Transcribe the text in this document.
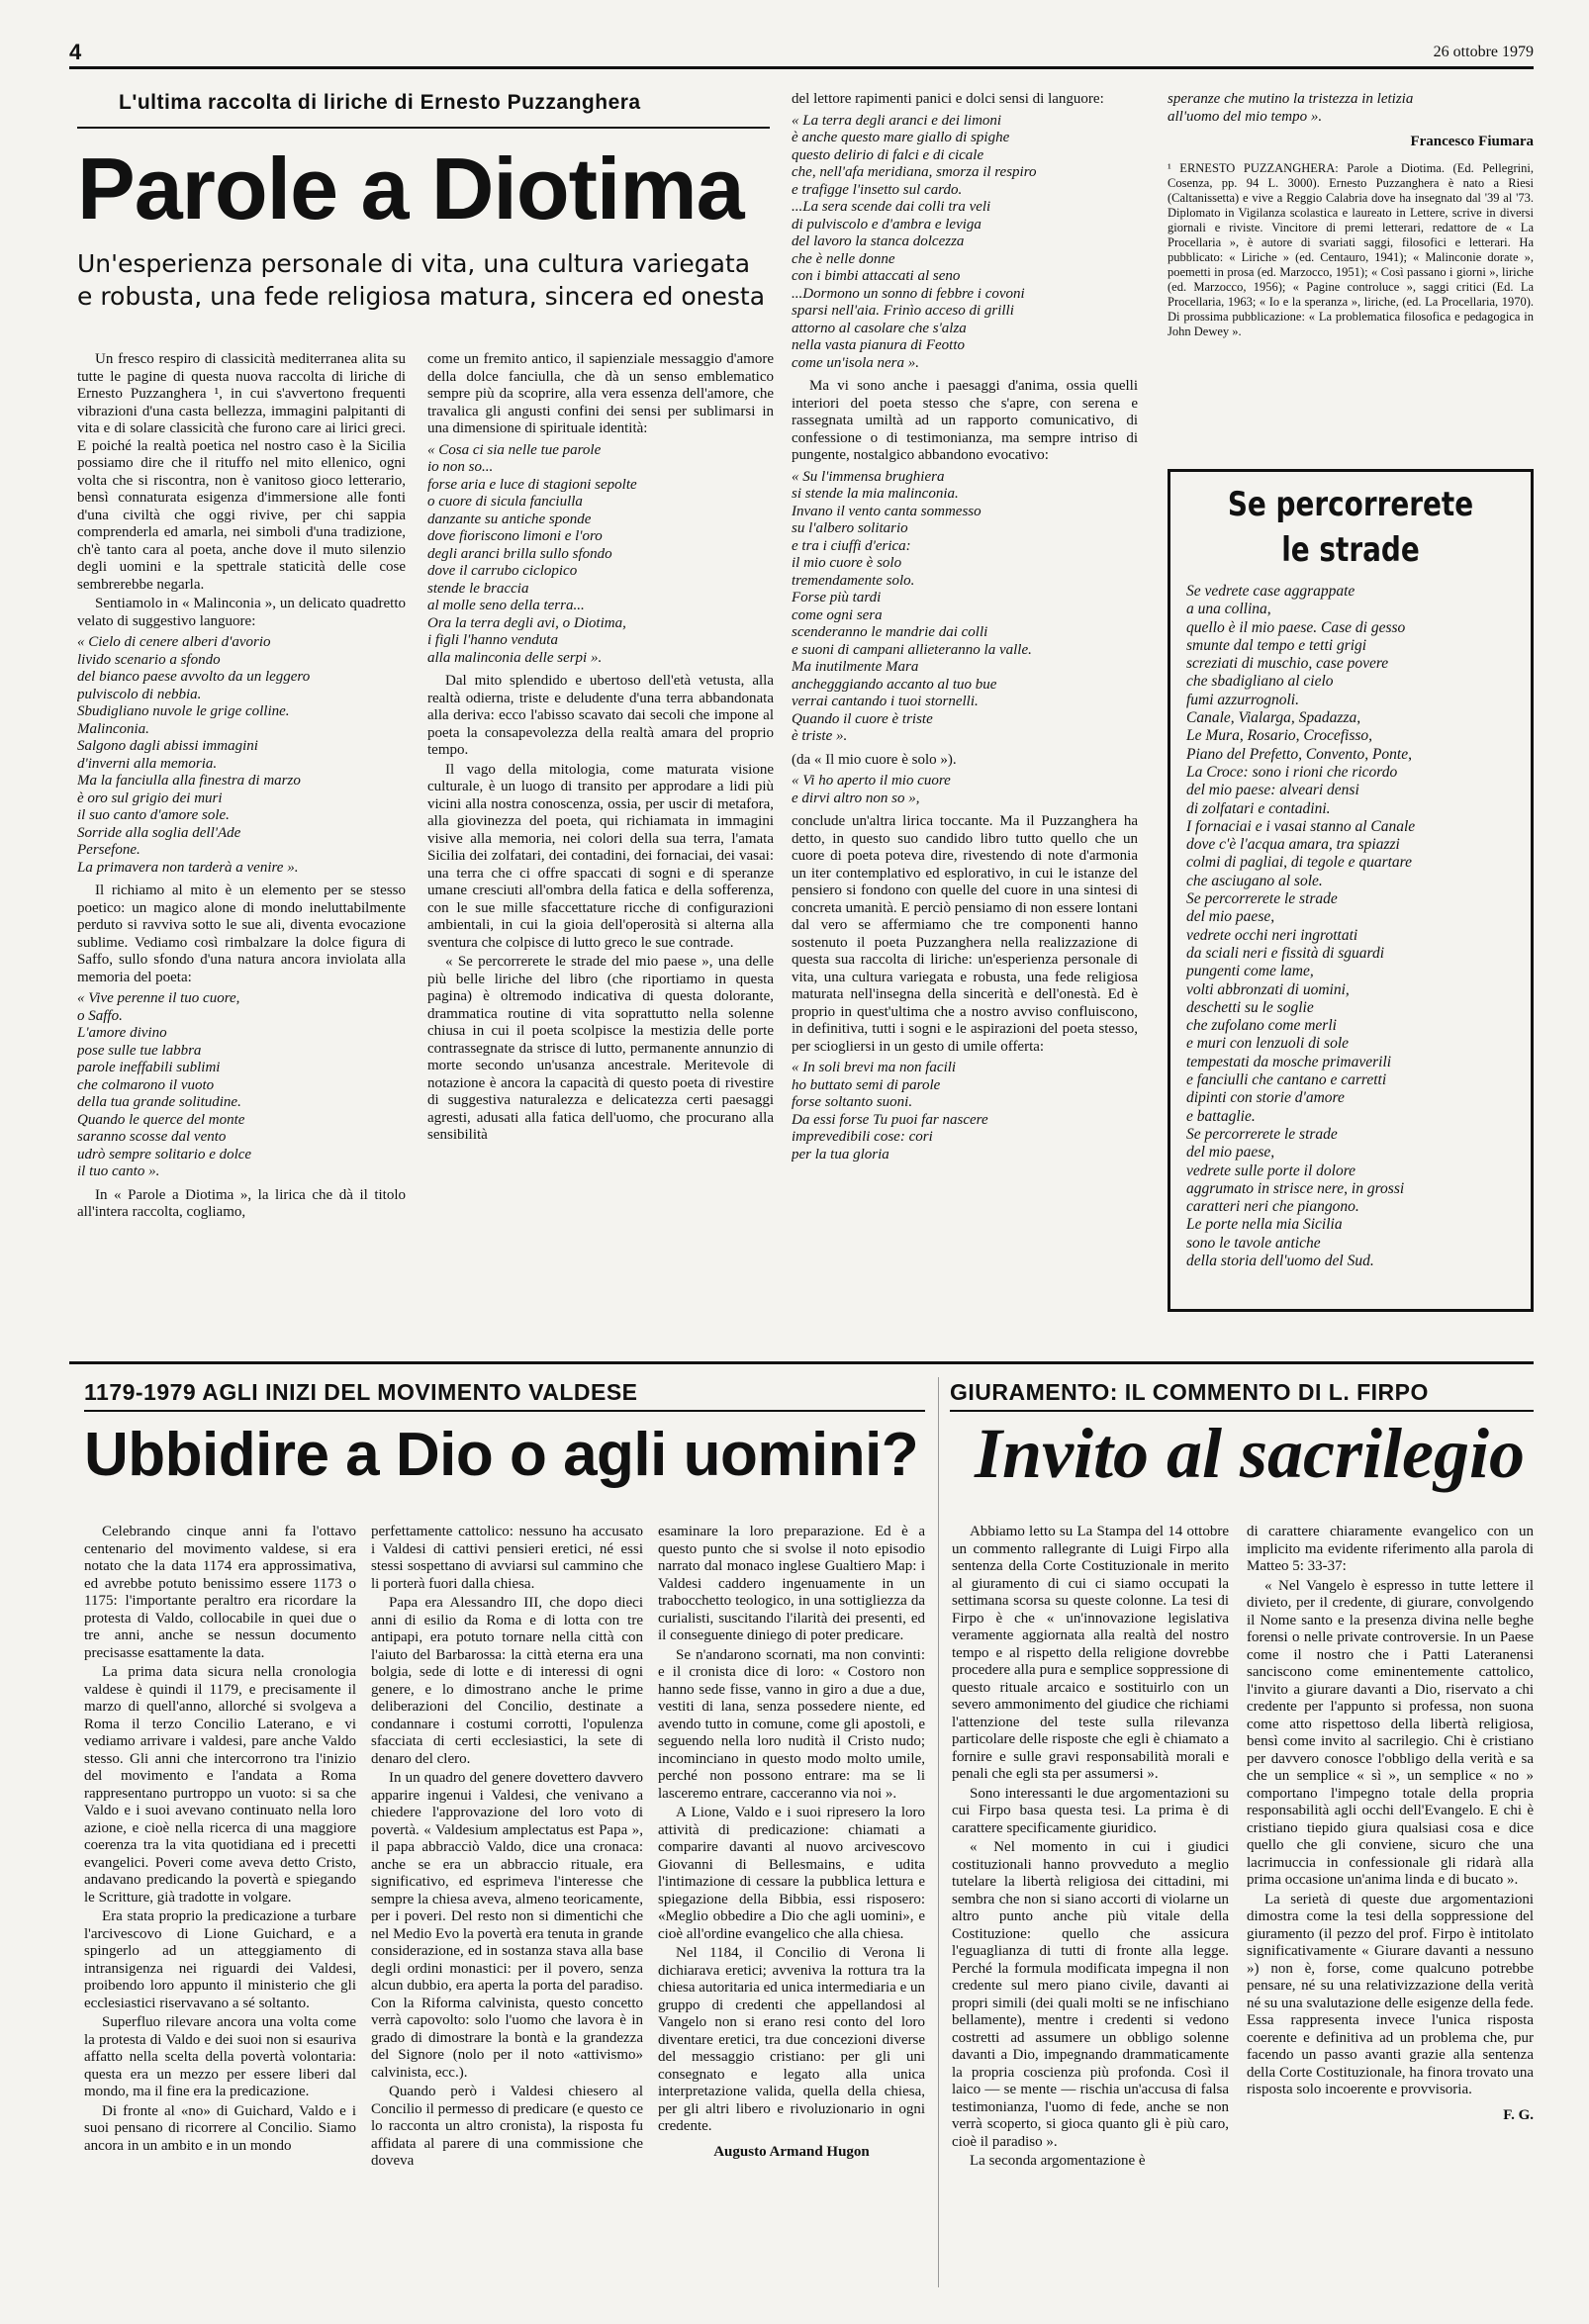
4	26 ottobre 1979
L'ultima raccolta di liriche di Ernesto Puzzanghera
Parole a Diotima
Un'esperienza personale di vita, una cultura variegata e robusta, una fede religiosa matura, sincera ed onesta

Un fresco respiro di classicità mediterranea alita su tutte le pagine di questa nuova raccolta di liriche di Ernesto Puzzanghera ¹, in cui s'avvertono frequenti vibrazioni d'una casta bellezza, immagini palpitanti di vita e di solare classicità che furono care ai lirici greci. E poiché la realtà poetica nel nostro caso è la Sicilia possiamo dire che il rituffo nel mito ellenico, ogni volta che si riscontra, non è vanitoso gioco letterario, bensì connaturata esigenza d'immersione alle fonti d'una civiltà che oggi rivive, per chi sappia comprenderla ed amarla, nei simboli d'una tradizione, ch'è tanto cara al poeta, anche dove il muto silenzio degli uomini e la spettrale staticità delle cose sembrerebbe negarla.

Sentiamolo in « Malinconia », un delicato quadretto velato di suggestivo languore:

« Cielo di cenere alberi d'avorio
livido scenario a sfondo
del bianco paese avvolto da un leggero
pulviscolo di nebbia.
Sbudigliano nuvole le grige colline.
Malinconia.
Salgono dagli abissi immagini
d'inverni alla memoria.
Ma la fanciulla alla finestra di marzo
è oro sul grigio dei muri
il suo canto d'amore sole.
Sorride alla soglia dell'Ade
Persefone.
La primavera non tarderà a venire ».

Il richiamo al mito è un elemento per se stesso poetico: un magico alone di mondo ineluttabilmente perduto si ravviva sotto le sue ali, diventa evocazione sublime. Vediamo così rimbalzare la dolce figura di Saffo, sullo sfondo d'una natura ancora inviolata alla memoria del poeta:

« Vive perenne il tuo cuore,
o Saffo.
L'amore divino
pose sulle tue labbra
parole ineffabili sublimi
che colmarono il vuoto
della tua grande solitudine.
Quando le querce del monte
saranno scosse dal vento
udrò sempre solitario e dolce
il tuo canto ».

In « Parole a Diotima », la lirica che dà il titolo all'intera raccolta, cogliamo,

come un fremito antico, il sapienziale messaggio d'amore della dolce fanciulla, che dà un senso emblematico sempre più da scoprire, alla vera essenza dell'amore, che travalica gli angusti confini dei sensi per sublimarsi in una dimensione di spirituale identità:

« Cosa ci sia nelle tue parole
io non so...
forse aria e luce di stagioni sepolte
o cuore di sicula fanciulla
danzante su antiche sponde
dove fioriscono limoni e l'oro
degli aranci brilla sullo sfondo
dove il carrubo ciclopico
stende le braccia
al molle seno della terra...
Ora la terra degli avi, o Diotima,
i figli l'hanno venduta
alla malinconia delle serpi ».

Dal mito splendido e ubertoso dell'età vetusta, alla realtà odierna, triste e deludente d'una terra abbandonata alla deriva: ecco l'abisso scavato dai secoli che impone al poeta la consapevolezza della realtà amara del proprio tempo.

Il vago della mitologia, come maturata visione culturale, è un luogo di transito per approdare a lidi più vicini alla nostra conoscenza, ossia, per uscir di metafora, alla giovinezza del poeta, qui richiamata in immagini visive alla memoria, nei colori della sua terra, l'amata Sicilia dei zolfatari, dei contadini, dei fornaciai, dei vasai: una terra che ci offre spaccati di sogni e di speranze umane cresciuti all'ombra della fatica e della sofferenza, con le sue mille sfaccettature ricche di configurazioni ambientali, in cui la gioia dell'operosità si alterna alla sventura che colpisce di lutto greco le sue contrade.

« Se percorrerete le strade del mio paese », una delle più belle liriche del libro (che riportiamo in questa pagina) è oltremodo indicativa di questa dolorante, drammatica routine di vita soprattutto nella solenne chiusa in cui il poeta scolpisce la mestizia delle porte contrassegnate da strisce di lutto, permanente annunzio di morte secondo un'usanza ancestrale. Meritevole di notazione è ancora la capacità di questo poeta di rivestire di suggestiva naturalezza e delicatezza certi paesaggi agresti, adusati alla fatica dell'uomo, che procurano alla sensibilità

del lettore rapimenti panici e dolci sensi di languore:

« La terra degli aranci e dei limoni
è anche questo mare giallo di spighe
questo delirio di falci e di cicale
che, nell'afa meridiana, smorza il respiro
e trafigge l'insetto sul cardo.
...La sera scende dai colli tra veli
di pulviscolo e d'ambra e leviga
del lavoro la stanca dolcezza
che è nelle donne
con i bimbi attaccati al seno
...Dormono un sonno di febbre i covoni
sparsi nell'aia. Frinìo acceso di grilli
attorno al casolare che s'alza
nella vasta pianura di Feotto
come un'isola nera ».

Ma vi sono anche i paesaggi d'anima, ossia quelli interiori del poeta stesso che s'apre, con serena e rassegnata umiltà ad un rapporto comunicativo, di confessione o di testimonianza, ma sempre intriso di pungente, nostalgico abbandono evocativo:

« Su l'immensa brughiera
si stende la mia malinconia.
Invano il vento canta sommesso
su l'albero solitario
e tra i ciuffi d'erica:
il mio cuore è solo
tremendamente solo.
Forse più tardi
come ogni sera
scenderanno le mandrie dai colli
e suoni di campani allieteranno la valle.
Ma inutilmente Mara
anchegggiando accanto al tuo bue
verrai cantando i tuoi stornelli.
Quando il cuore è triste
è triste ».

(da « Il mio cuore è solo »).

« Vi ho aperto il mio cuore
e dirvi altro non so »,

conclude un'altra lirica toccante. Ma il Puzzanghera ha detto, in questo suo candido libro tutto quello che un cuore di poeta poteva dire, rivestendo di note d'armonia un iter contemplativo ed esplorativo, in cui le istanze del pensiero si fondono con quelle del cuore in una sintesi di concreta umanità. E perciò pensiamo di non essere lontani dal vero se affermiamo che tre componenti hanno sostenuto il poeta Puzzanghera nella realizzazione di questa sua raccolta di liriche: un'esperienza personale di vita, una cultura variegata e robusta, una fede religiosa maturata nell'insegna della sincerità e dell'onestà. Ed è proprio in quest'ultima che a nostro avviso confluiscono, in definitiva, tutti i sogni e le aspirazioni del poeta stesso, per sciogliersi in un gesto di umile offerta:

« In soli brevi ma non facili
ho buttato semi di parole
forse soltanto suoni.
Da essi forse Tu puoi far nascere
imprevedibili cose: cori
per la tua gloria

speranze che mutino la tristezza in letizia
all'uomo del mio tempo ».

Francesco Fiumara
¹ ERNESTO PUZZANGHERA: Parole a Diotima. (Ed. Pellegrini, Cosenza, pp. 94 L. 3000). Ernesto Puzzanghera è nato a Riesi (Caltanissetta) e vive a Reggio Calabria dove ha insegnato dal '39 al '73. Diplomato in Vigilanza scolastica e laureato in Lettere, scrive in diversi giornali e riviste. Vincitore di premi letterari, redattore de « La Procellaria », è autore di svariati saggi, filosofici e letterari. Ha pubblicato: « Liriche » (ed. Centauro, 1941); « Malinconie dorate », poemetti in prosa (ed. Marzocco, 1951); « Così passano i giorni », liriche (ed. Marzocco, 1956); « Pagine controluce », saggi critici (Ed. La Procellaria, 1963; « Io e la speranza », liriche, (ed. La Procellaria, 1970). Di prossima pubblicazione: « La problematica filosofica e pedagogica in John Dewey ».
Se percorrerete le strade
Se vedrete case aggrappate
a una collina,
quello è il mio paese. Case di gesso
smunte dal tempo e tetti grigi
screziati di muschio, case povere
che sbadigliano al cielo
fumi azzurrognoli.
Canale, Vialarga, Spadazza,
Le Mura, Rosario, Crocefisso,
Piano del Prefetto, Convento, Ponte,
La Croce: sono i rioni che ricordo
del mio paese: alveari densi
di zolfatari e contadini.
I fornaciai e i vasai stanno al Canale
dove c'è l'acqua amara, tra spiazzi
colmi di pagliai, di tegole e quartare
che asciugano al sole.
Se percorrerete le strade
del mio paese,
vedrete occhi neri ingrottati
da sciali neri e fissità di sguardi
pungenti come lame,
volti abbronzati di uomini,
deschetti su le soglie
che zufolano come merli
e muri con lenzuoli di sole
tempestati da mosche primaverili
e fanciulli che cantano e carretti
dipinti con storie d'amore
e battaglie.
Se percorrerete le strade
del mio paese,
vedrete sulle porte il dolore
aggrumato in strisce nere, in grossi
caratteri neri che piangono.
Le porte nella mia Sicilia
sono le tavole antiche
della storia dell'uomo del Sud.
1179-1979 AGLI INIZI DEL MOVIMENTO VALDESE
Ubbidire a Dio o agli uomini?

Celebrando cinque anni fa l'ottavo centenario del movimento valdese, si era notato che la data 1174 era approssimativa, ed avrebbe potuto benissimo essere 1173 o 1175: l'importante peraltro era ricordare la protesta di Valdo, collocabile in quei due o tre anni, anche se nessun documento precisasse esattamente la data.

La prima data sicura nella cronologia valdese è quindi il 1179, e precisamente il marzo di quell'anno, allorché si svolgeva a Roma il terzo Concilio Laterano, e vi vediamo arrivare i valdesi, pare anche Valdo stesso. Gli anni che intercorrono tra l'inizio del movimento e l'andata a Roma rappresentano purtroppo un vuoto: si sa che Valdo e i suoi avevano continuato nella loro azione, e cioè nella ricerca di una maggiore coerenza tra la vita quotidiana ed i precetti evangelici. Poveri come aveva detto Cristo, andavano predicando la povertà e spiegando le Scritture, già tradotte in volgare.

Era stata proprio la predicazione a turbare l'arcivescovo di Lione Guichard, e a spingerlo ad un atteggiamento di intransigenza nei riguardi dei Valdesi, proibendo loro appunto il ministerio che gli ecclesiastici riservavano a sé soltanto.

Superfluo rilevare ancora una volta come la protesta di Valdo e dei suoi non si esauriva affatto nella scelta della povertà volontaria: questa era un mezzo per essere liberi dal mondo, ma il fine era la predicazione.

Di fronte al «no» di Guichard, Valdo e i suoi pensano di ricorrere al Concilio. Siamo ancora in un ambito e in un mondo

perfettamente cattolico: nessuno ha accusato i Valdesi di cattivi pensieri eretici, né essi stessi sospettano di avviarsi sul cammino che li porterà fuori dalla chiesa.

Papa era Alessandro III, che dopo dieci anni di esilio da Roma e di lotta con tre antipapi, era potuto tornare nella città con l'aiuto del Barbarossa: la città eterna era una bolgia, sede di lotte e di interessi di ogni genere, e lo dimostrano anche le prime deliberazioni del Concilio, destinate a condannare i costumi corrotti, l'opulenza sfacciata di certi ecclesiastici, la sete di denaro del clero.

In un quadro del genere dovettero davvero apparire ingenui i Valdesi, che venivano a chiedere l'approvazione del loro voto di povertà. « Valdesium amplectatus est Papa », il papa abbracciò Valdo, dice una cronaca: anche se era un abbraccio rituale, era significativo, ed esprimeva l'interesse che sempre la chiesa aveva, almeno teoricamente, per i poveri. Del resto non si dimentichi che nel Medio Evo la povertà era tenuta in grande considerazione, ed in sostanza stava alla base degli ordini monastici: per il povero, senza alcun dubbio, era aperta la porta del paradiso. Con la Riforma calvinista, questo concetto verrà capovolto: solo l'uomo che lavora è in grado di dimostrare la bontà e la grandezza del Signore (nolo per il noto «attivismo» calvinista, ecc.).

Quando però i Valdesi chiesero al Concilio il permesso di predicare (e questo ce lo racconta un altro cronista), la risposta fu affidata al parere di una commissione che doveva

esaminare la loro preparazione. Ed è a questo punto che si svolse il noto episodio narrato dal monaco inglese Gualtiero Map: i Valdesi caddero ingenuamente in un trabocchetto teologico, in una sottigliezza da curialisti, suscitando l'ilarità dei presenti, ed il conseguente diniego di poter predicare.

Se n'andarono scornati, ma non convinti: e il cronista dice di loro: « Costoro non hanno sede fisse, vanno in giro a due a due, vestiti di lana, senza possedere niente, ed avendo tutto in comune, come gli apostoli, e seguendo nella loro nudità il Cristo nudo; incominciano in questo modo molto umile, perché non possono entrare: ma se li lasceremo entrare, cacceranno via noi ».

A Lione, Valdo e i suoi ripresero la loro attività di predicazione: chiamati a comparire davanti al nuovo arcivescovo Giovanni di Bellesmains, e udita l'intimazione di cessare la pubblica lettura e spiegazione della Bibbia, essi risposero: «Meglio obbedire a Dio che agli uomini», e cioè all'ordine evangelico che alla chiesa.

Nel 1184, il Concilio di Verona li dichiarava eretici; avveniva la rottura tra la chiesa autoritaria ed unica intermediaria e un gruppo di credenti che appellandosi al Vangelo non si erano resi conto del loro diventare eretici, tra due concezioni diverse del messaggio cristiano: per gli uni consegnato e legato alla unica interpretazione valida, quella della chiesa, per gli altri libero e rivoluzionario in ogni credente.

Augusto Armand Hugon
GIURAMENTO: IL COMMENTO DI L. FIRPO
Invito al sacrilegio

Abbiamo letto su La Stampa del 14 ottobre un commento rallegrante di Luigi Firpo alla sentenza della Corte Costituzionale in merito al giuramento di cui ci siamo occupati la settimana scorsa su queste colonne. La tesi di Firpo è che « un'innovazione legislativa veramente aggiornata alla realtà del nostro tempo e al rispetto della religione dovrebbe procedere alla pura e semplice soppressione di questo rituale arcaico e sostituirlo con un severo ammonimento del giudice che richiami l'attenzione del teste sulla rilevanza particolare delle risposte che egli è chiamato a fornire e sulle gravi responsabilità morali e penali che egli sta per assumersi ».

Sono interessanti le due argomentazioni su cui Firpo basa questa tesi. La prima è di carattere specificamente giuridico.

« Nel momento in cui i giudici costituzionali hanno provveduto a meglio tutelare la libertà religiosa dei cittadini, mi sembra che non si siano accorti di violarne un altro punto anche più vitale della Costituzione: quello che assicura l'eguaglianza di tutti di fronte alla legge. Perché la formula modificata impegna il non credente sul mero piano civile, davanti ai propri simili (dei quali molti se ne infischiano bellamente), mentre i credenti si vedono costretti ad assumere un obbligo solenne davanti a Dio, impegnando drammaticamente la propria coscienza più profonda. Così il laico — se mente — rischia un'accusa di falsa testimonianza, l'uomo di fede, anche se non verrà scoperto, si gioca quanto gli è più caro, cioè il paradiso ».

La seconda argomentazione è

di carattere chiaramente evangelico con un implicito ma evidente riferimento alla parola di Matteo 5: 33-37:

« Nel Vangelo è espresso in tutte lettere il divieto, per il credente, di giurare, convolgendo il Nome santo e la presenza divina nelle beghe forensi o nelle private controversie. In un Paese come il nostro che i Patti Lateranensi sanciscono come eminentemente cattolico, l'invito a giurare davanti a Dio, riservato a chi credente per l'appunto si professa, non suona come atto rispettoso della libertà religiosa, bensì come invito al sacrilegio. Chi è cristiano per davvero conosce l'obbligo della verità e sa che un semplice « sì », un semplice « no » comportano l'impegno totale della propria responsabilità agli occhi dell'Evangelo. E chi è cristiano tiepido giura qualsiasi cosa e dice quello che gli conviene, sicuro che una lacrimuccia in confessionale gli ridarà alla prima occasione un'anima linda e di bucato ».

La serietà di queste due argomentazioni dimostra come la tesi della soppressione del giuramento (il pezzo del prof. Firpo è intitolato significativamente « Giurare davanti a nessuno ») non è, forse, come qualcuno potrebbe pensare, né su una relativizzazione della verità né su una svalutazione delle esigenze della fede. Essa rappresenta invece l'unica risposta coerente e definitiva ad un problema che, pur facendo un passo avanti grazie alla sentenza della Corte Costituzionale, ha finora trovato una risposta solo incoerente e provvisoria.

F. G.
